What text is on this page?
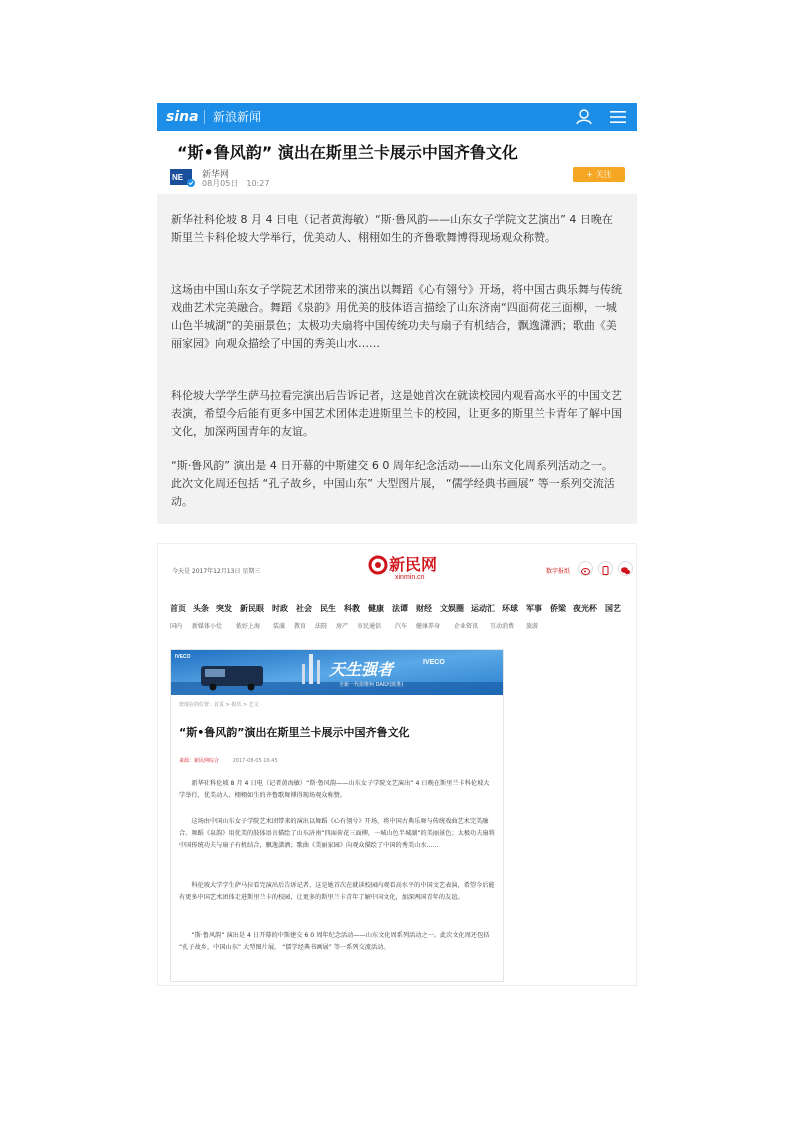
sina 新浪新闻
“斯•鲁风韵” 演出在斯里兰卡展示中国齐鲁文化
NE 新华网
08月05日　10:27
+ 关注

新华社科伦坡 8 月 4 日电（记者黄海敏）“斯·鲁风韵——山东女子学院文艺演出” 4 日晚在斯里兰卡科伦坡大学举行，优美动人、栩栩如生的齐鲁歌舞博得现场观众称赞。

这场由中国山东女子学院艺术团带来的演出以舞蹈《心有翎兮》开场，将中国古典乐舞与传统戏曲艺术完美融合。舞蹈《泉韵》用优美的肢体语言描绘了山东济南“四面荷花三面柳，一城山色半城湖”的美丽景色；太极功夫扇将中国传统功夫与扇子有机结合，飘逸潇洒；歌曲《美丽家园》向观众描绘了中国的秀美山水……

科伦坡大学学生萨马拉看完演出后告诉记者，这是她首次在就读校园内观看高水平的中国文艺表演，希望今后能有更多中国艺术团体走进斯里兰卡的校园，让更多的斯里兰卡青年了解中国文化，加深两国青年的友谊。

“斯·鲁风韵” 演出是 4 日开幕的中斯建交 6 0 周年纪念活动——山东文化周系列活动之一。此次文化周还包括 “孔子故乡，中国山东” 大型图片展， “儒学经典书画展” 等一系列交流活动。

今天是 2017年12月13日 星期三	新民网
xinmin.cn
数字报纸
首页 头条 突发 新民眼 时政 社会 民生 科教 健康 法谭 财经 文娱圈 运动汇 环球 军事 侨梁 夜光杯 国艺
国内 新媒体小灶 侬好上海 装潢 教育 法院 房产 市民通信 汽车 健康养身 企业资讯 互动消费 旅游
IVECO
天生强者
全新一代依维柯 DAILY(欧胜)
IVECO
您现在的位置：首页 > 娱乐 > 艺文
“斯•鲁风韵”演出在斯里兰卡展示中国齐鲁文化
来源：新民网综合	2017-08-05 16:45

新华社科伦坡 8 月 4 日电（记者黄海敏）“斯·鲁风韵——山东女子学院文艺演出” 4 日晚在斯里兰卡科伦坡大学举行，优美动人、栩栩如生的齐鲁歌舞博得现场观众称赞。

这场由中国山东女子学院艺术团带来的演出以舞蹈《心有翎兮》开场，将中国古典乐舞与传统戏曲艺术完美融合。舞蹈《泉韵》用优美的肢体语言描绘了山东济南“四面荷花三面柳，一城山色半城湖”的美丽景色；太极功夫扇将中国传统功夫与扇子有机结合，飘逸潇洒；歌曲《美丽家园》向观众描绘了中国的秀美山水……

科伦坡大学学生萨马拉看完演出后告诉记者，这是她首次在就读校园内观看高水平的中国文艺表演，希望今后能有更多中国艺术团体走进斯里兰卡的校园，让更多的斯里兰卡青年了解中国文化，加深两国青年的友谊。

“斯·鲁风韵” 演出是 4 日开幕的中斯建交 6 0 周年纪念活动——山东文化周系列活动之一。此次文化周还包括 “孔子故乡，中国山东” 大型图片展， “儒学经典书画展” 等一系列交流活动。
